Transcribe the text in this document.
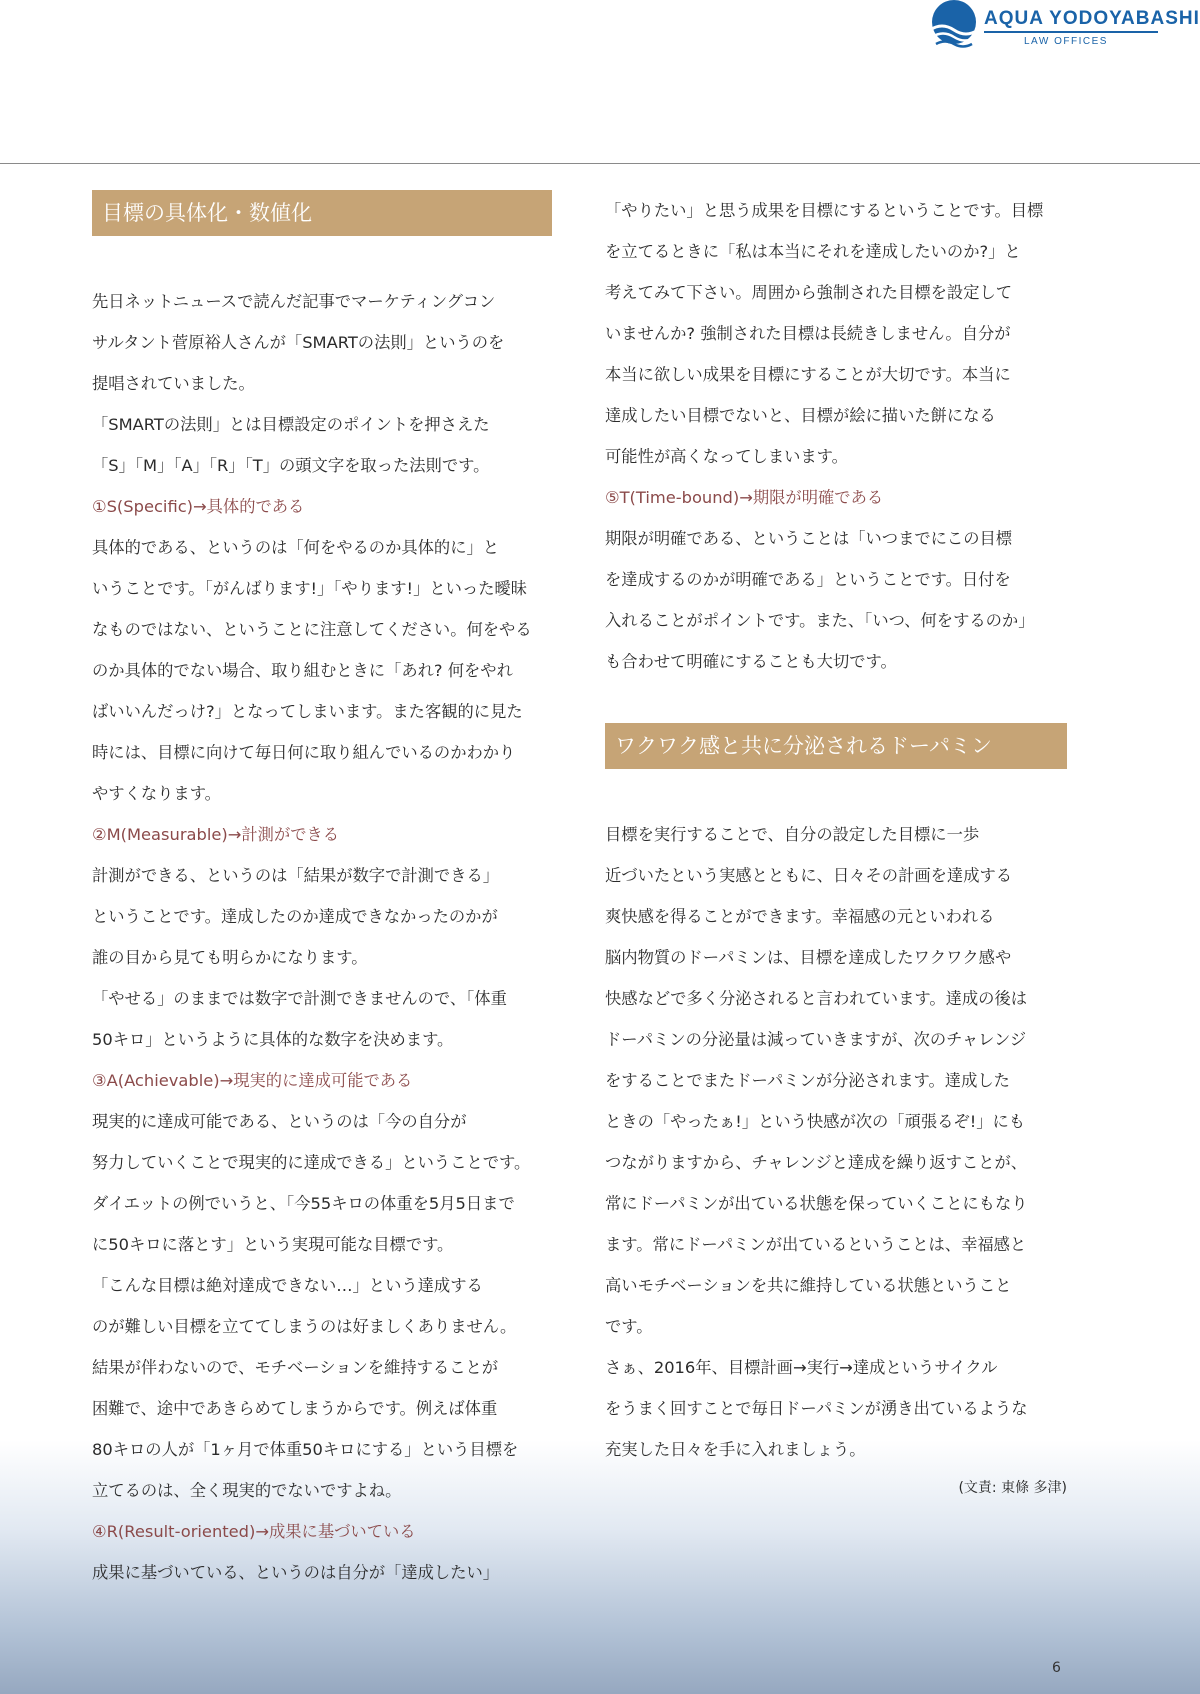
AQUA YODOYABASHI
LAW OFFICES
目標の具体化・数値化

先日ネットニュースで読んだ記事でマーケティングコン

サルタント菅原裕人さんが「SMARTの法則」というのを

提唱されていました。

「SMARTの法則」とは目標設定のポイントを押さえた

「S」「M」「A」「R」「T」の頭文字を取った法則です。

①S(Specific)→具体的である

具体的である、というのは「何をやるのか具体的に」と

いうことです。「がんばります!」「やります!」といった曖昧

なものではない、ということに注意してください。何をやる

のか具体的でない場合、取り組むときに「あれ? 何をやれ

ばいいんだっけ?」となってしまいます。また客観的に見た

時には、目標に向けて毎日何に取り組んでいるのかわかり

やすくなります。

②M(Measurable)→計測ができる

計測ができる、というのは「結果が数字で計測できる」

ということです。達成したのか達成できなかったのかが

誰の目から見ても明らかになります。

「やせる」のままでは数字で計測できませんので、「体重

50キロ」というように具体的な数字を決めます。

③A(Achievable)→現実的に達成可能である

現実的に達成可能である、というのは「今の自分が

努力していくことで現実的に達成できる」ということです。

ダイエットの例でいうと、「今55キロの体重を5月5日まで

に50キロに落とす」という実現可能な目標です。

「こんな目標は絶対達成できない…」という達成する

のが難しい目標を立ててしまうのは好ましくありません。

結果が伴わないので、モチベーションを維持することが

困難で、途中であきらめてしまうからです。例えば体重

80キロの人が「1ヶ月で体重50キロにする」という目標を

立てるのは、全く現実的でないですよね。

④R(Result-oriented)→成果に基づいている

成果に基づいている、というのは自分が「達成したい」

「やりたい」と思う成果を目標にするということです。目標

を立てるときに「私は本当にそれを達成したいのか?」と

考えてみて下さい。周囲から強制された目標を設定して

いませんか? 強制された目標は長続きしません。自分が

本当に欲しい成果を目標にすることが大切です。本当に

達成したい目標でないと、目標が絵に描いた餅になる

可能性が高くなってしまいます。

⑤T(Time-bound)→期限が明確である

期限が明確である、ということは「いつまでにこの目標

を達成するのかが明確である」ということです。日付を

入れることがポイントです。また、「いつ、何をするのか」

も合わせて明確にすることも大切です。

ワクワク感と共に分泌されるドーパミン

目標を実行することで、自分の設定した目標に一歩

近づいたという実感とともに、日々その計画を達成する

爽快感を得ることができます。幸福感の元といわれる

脳内物質のドーパミンは、目標を達成したワクワク感や

快感などで多く分泌されると言われています。達成の後は

ドーパミンの分泌量は減っていきますが、次のチャレンジ

をすることでまたドーパミンが分泌されます。達成した

ときの「やったぁ!」という快感が次の「頑張るぞ!」にも

つながりますから、チャレンジと達成を繰り返すことが、

常にドーパミンが出ている状態を保っていくことにもなり

ます。常にドーパミンが出ているということは、幸福感と

高いモチベーションを共に維持している状態ということ

です。

さぁ、2016年、目標計画→実行→達成というサイクル

をうまく回すことで毎日ドーパミンが湧き出ているような

充実した日々を手に入れましょう。

(文責: 東條 多津)

6
